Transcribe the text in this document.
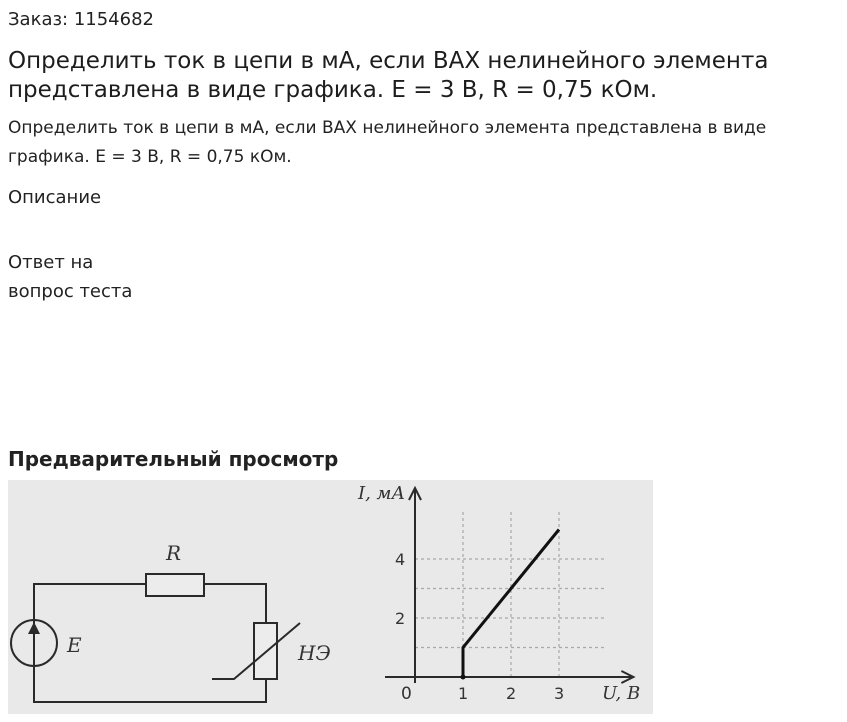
Заказ: 1154682
Определить ток в цепи в мА, если ВАХ нелинейного элемента представлена в виде графика. E = 3 В, R = 0,75 кОм.
Определить ток в цепи в мА, если ВАХ нелинейного элемента представлена в виде графика. E = 3 В, R = 0,75 кОм.
Описание
Ответ на
вопрос теста
Предварительный просмотр
R
E	НЭ
1 2 3
2
4
0	U, В
I, мА
